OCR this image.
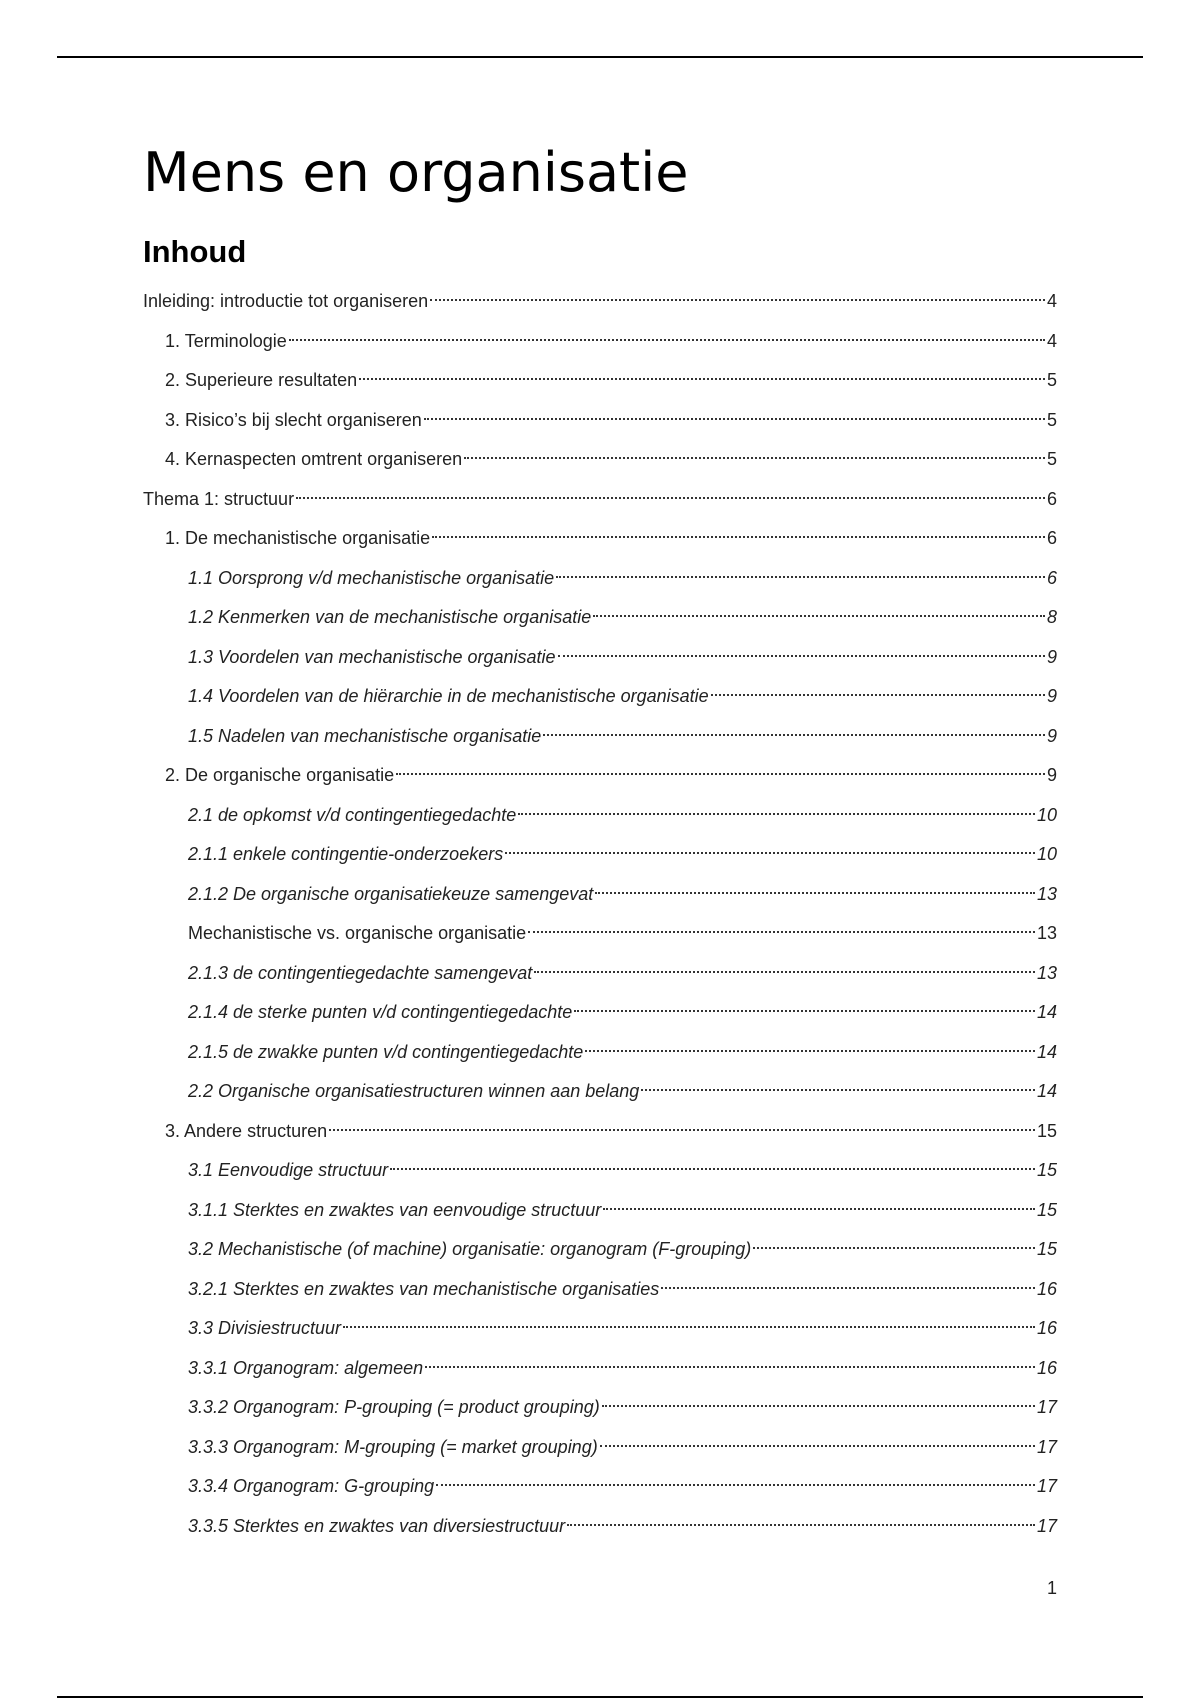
Mens en organisatie
Inhoud
Inleiding: introductie tot organiseren	4
1. Terminologie	4
2. Superieure resultaten	5
3. Risico’s bij slecht organiseren	5
4. Kernaspecten omtrent organiseren	5
Thema 1: structuur	6
1. De mechanistische organisatie	6
1.1 Oorsprong v/d mechanistische organisatie	6
1.2 Kenmerken van de mechanistische organisatie	8
1.3 Voordelen van mechanistische organisatie	9
1.4 Voordelen van de hiërarchie in de mechanistische organisatie	9
1.5 Nadelen van mechanistische organisatie	9
2. De organische organisatie	9
2.1 de opkomst v/d contingentiegedachte	10
2.1.1 enkele contingentie-onderzoekers	10
2.1.2 De organische organisatiekeuze samengevat	13
Mechanistische vs. organische organisatie	13
2.1.3 de contingentiegedachte samengevat	13
2.1.4 de sterke punten v/d contingentiegedachte	14
2.1.5 de zwakke punten v/d contingentiegedachte	14
2.2 Organische organisatiestructuren winnen aan belang	14
3. Andere structuren	15
3.1 Eenvoudige structuur	15
3.1.1 Sterktes en zwaktes van eenvoudige structuur	15
3.2 Mechanistische (of machine) organisatie: organogram (F-grouping)	15
3.2.1 Sterktes en zwaktes van mechanistische organisaties	16
3.3 Divisiestructuur	16
3.3.1 Organogram: algemeen	16
3.3.2 Organogram: P-grouping (= product grouping)	17
3.3.3 Organogram: M-grouping (= market grouping)	17
3.3.4 Organogram: G-grouping	17
3.3.5 Sterktes en zwaktes van diversiestructuur	17
1
